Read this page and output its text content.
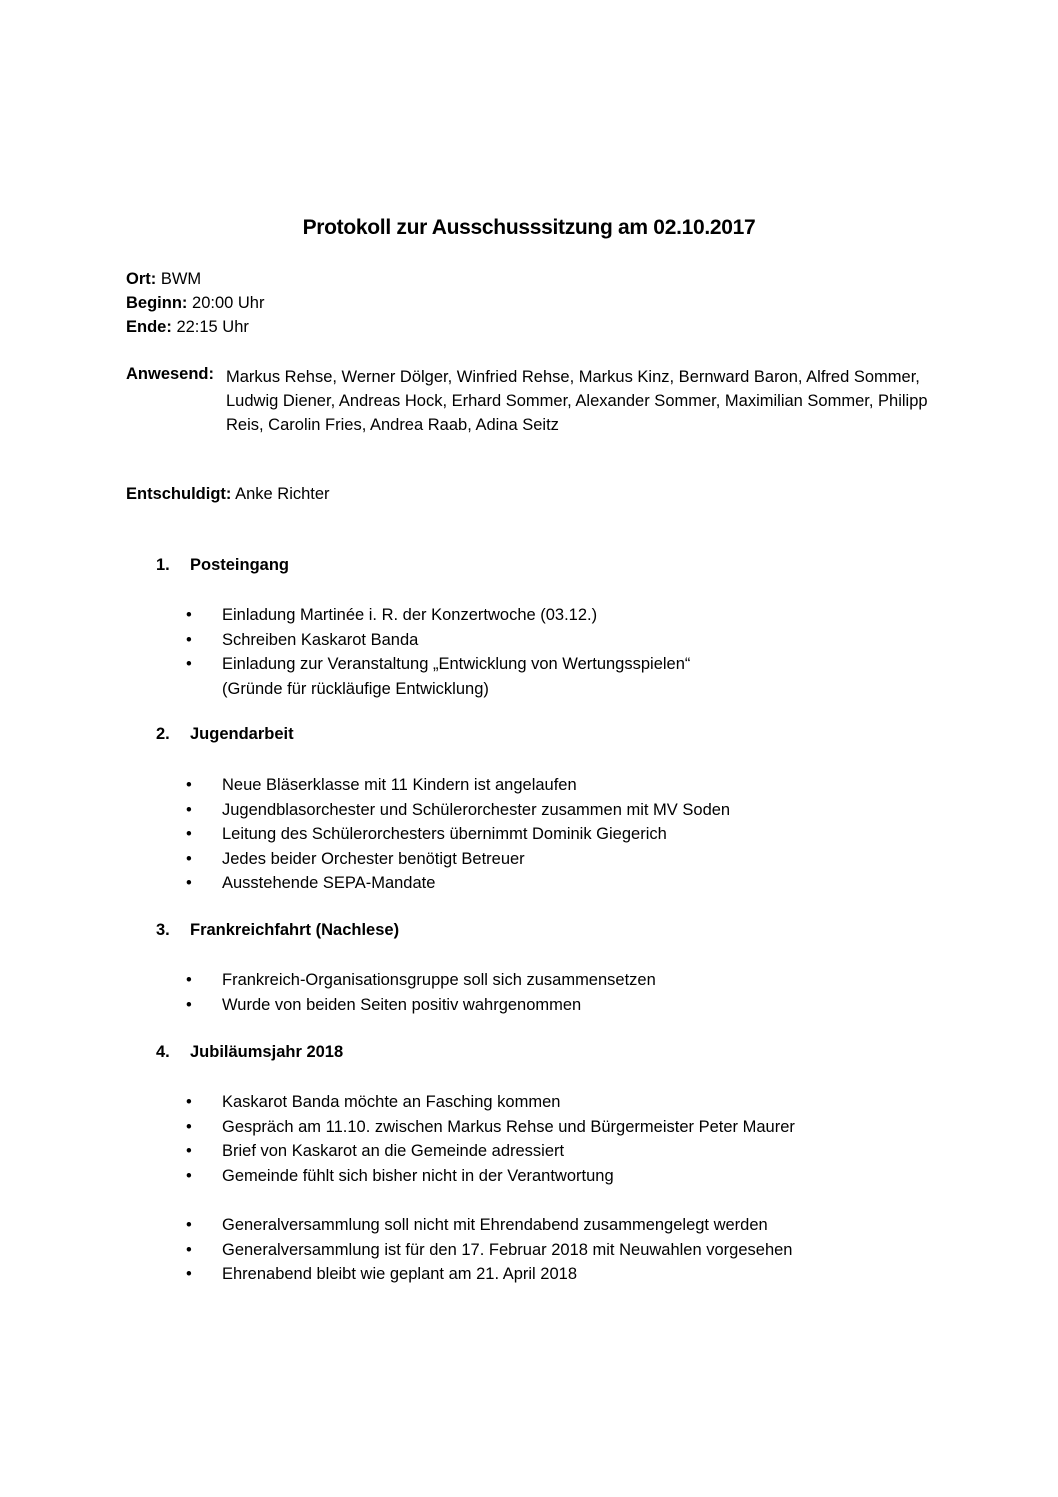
Protokoll zur Ausschusssitzung am 02.10.2017
Ort: BWM
Beginn: 20:00 Uhr
Ende: 22:15 Uhr
Anwesend: Markus Rehse, Werner Dölger, Winfried Rehse, Markus Kinz, Bernward Baron, Alfred Sommer, Ludwig Diener, Andreas Hock, Erhard Sommer, Alexander Sommer, Maximilian Sommer, Philipp Reis, Carolin Fries, Andrea Raab, Adina Seitz
Entschuldigt: Anke Richter
1. Posteingang
• Einladung Martinée i. R. der Konzertwoche (03.12.)
• Schreiben Kaskarot Banda
• Einladung zur Veranstaltung „Entwicklung von Wertungsspielen“
(Gründe für rückläufige Entwicklung)
2. Jugendarbeit
• Neue Bläserklasse mit 11 Kindern ist angelaufen
• Jugendblasorchester und Schülerorchester zusammen mit MV Soden
• Leitung des Schülerorchesters übernimmt Dominik Giegerich
• Jedes beider Orchester benötigt Betreuer
• Ausstehende SEPA-Mandate
3. Frankreichfahrt (Nachlese)
• Frankreich-Organisationsgruppe soll sich zusammensetzen
• Wurde von beiden Seiten positiv wahrgenommen
4. Jubiläumsjahr 2018
• Kaskarot Banda möchte an Fasching kommen
• Gespräch am 11.10. zwischen Markus Rehse und Bürgermeister Peter Maurer
• Brief von Kaskarot an die Gemeinde adressiert
• Gemeinde fühlt sich bisher nicht in der Verantwortung
• Generalversammlung soll nicht mit Ehrendabend zusammengelegt werden
• Generalversammlung ist für den 17. Februar 2018 mit Neuwahlen vorgesehen
• Ehrenabend bleibt wie geplant am 21. April 2018
